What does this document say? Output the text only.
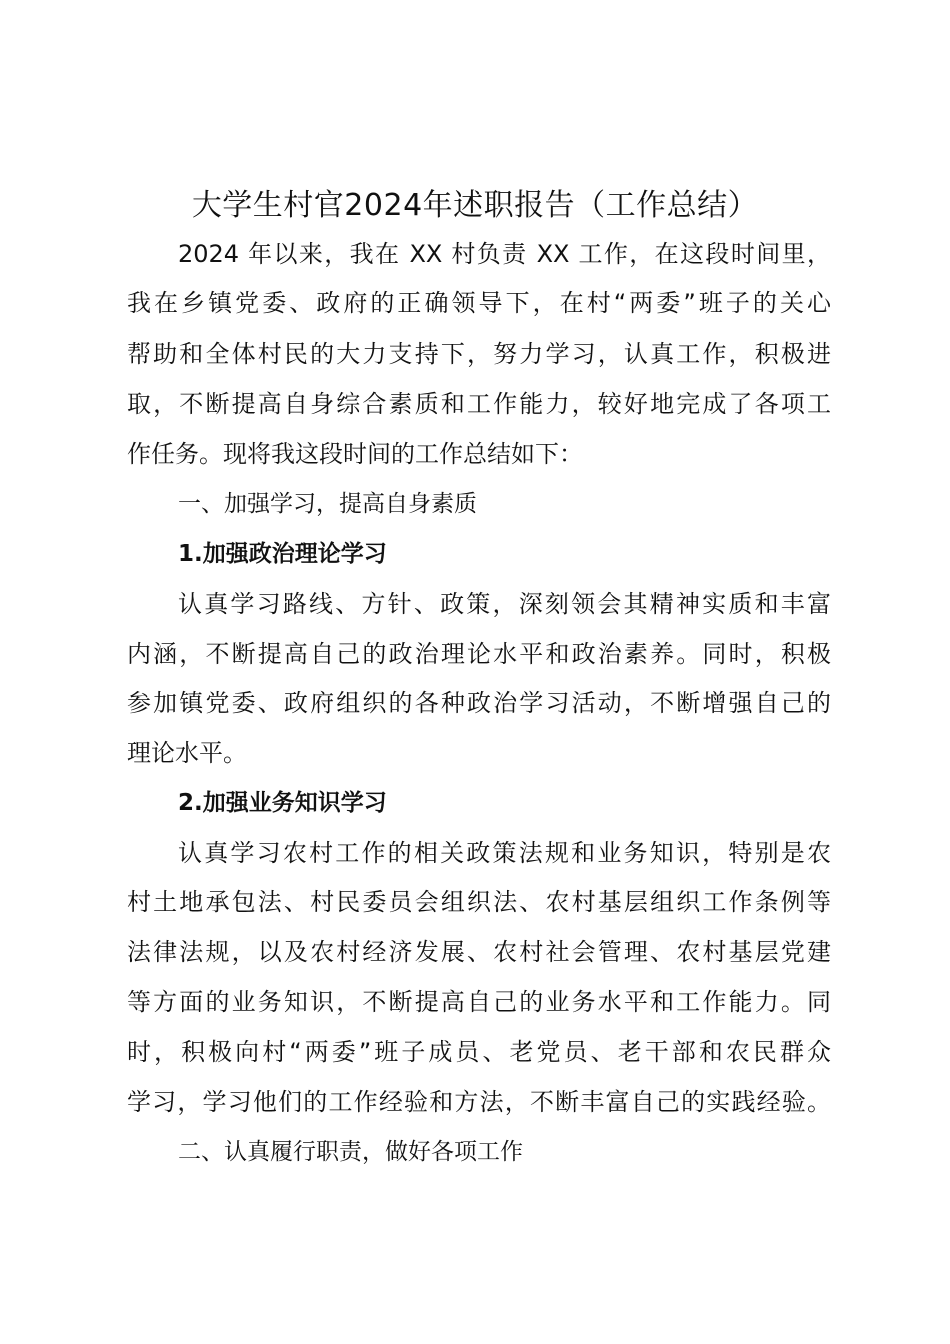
大学生村官2024年述职报告（工作总结）
2024 年以来，我在 XX 村负责 XX 工作，在这段时间里，
我在乡镇党委、政府的正确领导下，在村“两委”班子的关心
帮助和全体村民的大力支持下，努力学习，认真工作，积极进
取，不断提高自身综合素质和工作能力，较好地完成了各项工
作任务。现将我这段时间的工作总结如下：
一、加强学习，提高自身素质
1.加强政治理论学习
认真学习路线、方针、政策，深刻领会其精神实质和丰富
内涵，不断提高自己的政治理论水平和政治素养。同时，积极
参加镇党委、政府组织的各种政治学习活动，不断增强自己的
理论水平。
2.加强业务知识学习
认真学习农村工作的相关政策法规和业务知识，特别是农
村土地承包法、村民委员会组织法、农村基层组织工作条例等
法律法规，以及农村经济发展、农村社会管理、农村基层党建
等方面的业务知识，不断提高自己的业务水平和工作能力。同
时，积极向村“两委”班子成员、老党员、老干部和农民群众
学习，学习他们的工作经验和方法，不断丰富自己的实践经验。
二、认真履行职责，做好各项工作
